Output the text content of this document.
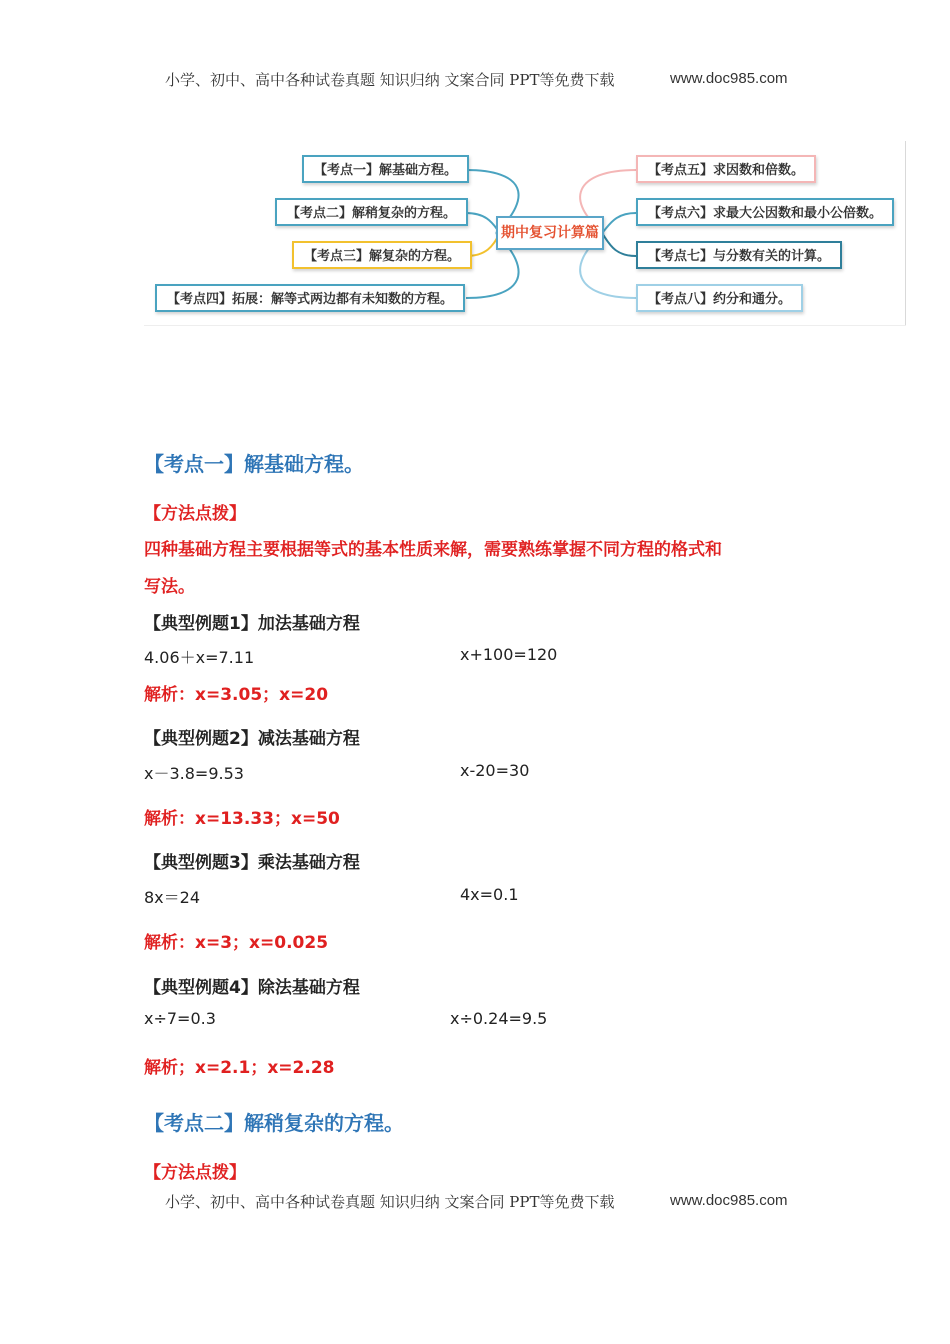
小学、初中、高中各种试卷真题 知识归纳 文案合同 PPT等免费下载	www.doc985.com
【考点一】解基础方程。
【考点二】解稍复杂的方程。
【考点三】解复杂的方程。
【考点四】拓展：解等式两边都有未知数的方程。
期中复习计算篇
【考点五】求因数和倍数。
【考点六】求最大公因数和最小公倍数。
【考点七】与分数有关的计算。
【考点八】约分和通分。
【考点一】解基础方程。
【方法点拨】
四种基础方程主要根据等式的基本性质来解，需要熟练掌握不同方程的格式和
写法。
【典型例题1】加法基础方程
4.06＋x=7.11	x+100=120
解析：x=3.05；x=20
【典型例题2】减法基础方程
x－3.8=9.53	x-20=30
解析：x=13.33；x=50
【典型例题3】乘法基础方程
8x＝24	4x=0.1
解析：x=3；x=0.025
【典型例题4】除法基础方程
x÷7=0.3	x÷0.24=9.5
解析；x=2.1；x=2.28
【考点二】解稍复杂的方程。
【方法点拨】
小学、初中、高中各种试卷真题 知识归纳 文案合同 PPT等免费下载	www.doc985.com
